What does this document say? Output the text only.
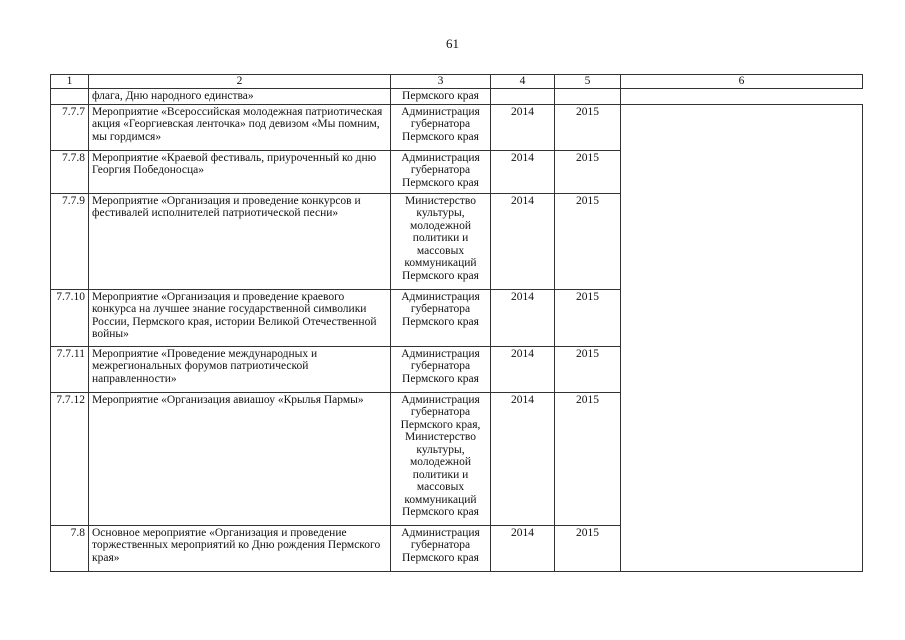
61
1	2	3	4	5	6
	флага, Дню народного единства»	Пермского края			
7.7.7	Мероприятие «Всероссийская молодежная патриотическая акция «Георгиевская ленточка» под девизом «Мы помним, мы гордимся»	Администрация губернатора Пермского края	2014	2015	
7.7.8	Мероприятие «Краевой фестиваль, приуроченный ко дню Георгия Победоносца»	Администрация губернатора Пермского края	2014	2015	
7.7.9	Мероприятие «Организация и проведение конкурсов и фестивалей исполнителей патриотической песни»	Министерство культуры, молодежной политики и массовых коммуникаций Пермского края	2014	2015	
7.7.10	Мероприятие «Организация и проведение краевого конкурса на лучшее знание государственной символики России, Пермского края, истории Великой Отечественной войны»	Администрация губернатора Пермского края	2014	2015	
7.7.11	Мероприятие «Проведение международных и межрегиональных форумов патриотической направленности»	Администрация губернатора Пермского края	2014	2015	
7.7.12	Мероприятие «Организация авиашоу «Крылья Пармы»	Администрация губернатора Пермского края, Министерство культуры, молодежной политики и массовых коммуникаций Пермского края	2014	2015	
7.8	Основное мероприятие «Организация и проведение торжественных мероприятий ко Дню рождения Пермского края»	Администрация губернатора Пермского края	2014	2015	
